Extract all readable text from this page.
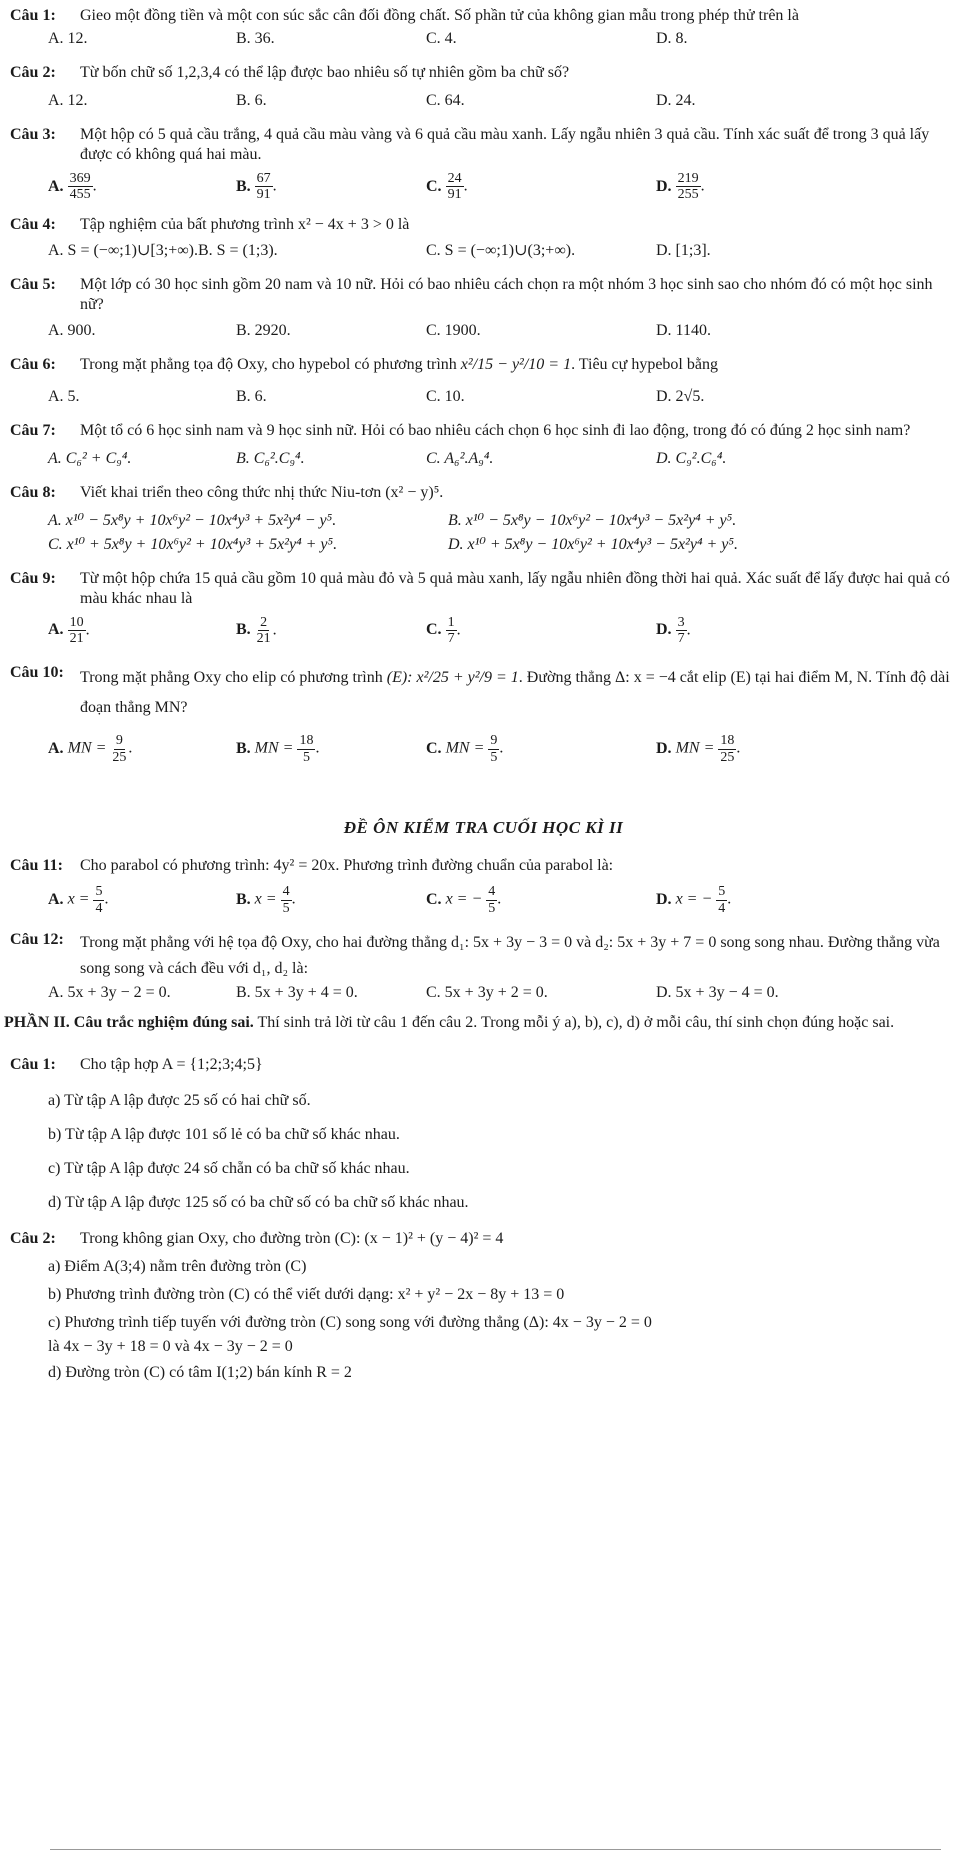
Câu 1:	Gieo một đồng tiền và một con súc sắc cân đối đồng chất. Số phần tử của không gian mẫu trong phép thử trên là
A. 12.	B. 36.	C. 4.	D. 8.
Câu 2:	Từ bốn chữ số 1,2,3,4 có thể lập được bao nhiêu số tự nhiên gồm ba chữ số?
A. 12.	B. 6.	C. 64.	D. 24.
Câu 3:	Một hộp có 5 quả cầu trắng, 4 quả cầu màu vàng và 6 quả cầu màu xanh. Lấy ngẫu nhiên 3 quả cầu. Tính xác suất để trong 3 quả lấy được có không quá hai màu.
A. $\frac{369}{455}$ .	B. $\frac{67}{91}$ .	C. $\frac{24}{91}$ .	D. $\frac{219}{255}$ .
Câu 4:	Tập nghiệm của bất phương trình x² − 4x + 3 > 0 là
A. S = (−∞;1)∪[3;+∞).B. S = (1;3).	C. S = (−∞;1)∪(3;+∞).	D. [1;3].
Câu 5:	Một lớp có 30 học sinh gồm 20 nam và 10 nữ. Hỏi có bao nhiêu cách chọn ra một nhóm 3 học sinh sao cho nhóm đó có một học sinh nữ?
A. 900.	B. 2920.	C. 1900.	D. 1140.
Câu 6:	Trong mặt phẳng tọa độ Oxy, cho hypebol có phương trình x²/15 − y²/10 = 1. Tiêu cự hypebol bằng
A. 5.	B. 6.	C. 10.	D. 2√5.
Câu 7:	Một tổ có 6 học sinh nam và 9 học sinh nữ. Hỏi có bao nhiêu cách chọn 6 học sinh đi lao động, trong đó có đúng 2 học sinh nam?
A. C₆² + C₉⁴.	B. C₆².C₉⁴.	C. A₆².A₉⁴.	D. C₉².C₆⁴.
Câu 8:	Viết khai triển theo công thức nhị thức Niu-tơn (x² − y)⁵.
A. x¹⁰ − 5x⁸y + 10x⁶y² − 10x⁴y³ + 5x²y⁴ − y⁵.	B. x¹⁰ − 5x⁸y − 10x⁶y² − 10x⁴y³ − 5x²y⁴ + y⁵.
C. x¹⁰ + 5x⁸y + 10x⁶y² + 10x⁴y³ + 5x²y⁴ + y⁵.	D. x¹⁰ + 5x⁸y − 10x⁶y² + 10x⁴y³ − 5x²y⁴ + y⁵.
Câu 9:	Từ một hộp chứa 15 quả cầu gồm 10 quả màu đỏ và 5 quả màu xanh, lấy ngẫu nhiên đồng thời hai quả. Xác suất để lấy được hai quả có màu khác nhau là
A. $\frac{10}{21}$ .	B. $\frac{2}{21}$ .	C. $\frac{1}{7}$ .	D. $\frac{3}{7}$ .
Câu 10:	Trong mặt phẳng Oxy cho elip có phương trình (E): x²/25 + y²/9 = 1. Đường thẳng Δ: x = −4 cắt elip (E) tại hai điểm M, N. Tính độ dài đoạn thẳng MN?
A. MN = $\frac{9}{25}$ .	B. MN = $\frac{18}{5}$ .	C. MN = $\frac{9}{5}$ .	D. MN = $\frac{18}{25}$ .
ĐỀ ÔN KIỂM TRA CUỐI HỌC KÌ II
Câu 11:	Cho parabol có phương trình: 4y² = 20x. Phương trình đường chuẩn của parabol là:
A. $x = \frac{5}{4}$ .	B. $x = \frac{4}{5}$ .	C. x = − $\frac{4}{5}$ .	D. x = − $\frac{5}{4}$ .
Câu 12:	Trong mặt phẳng với hệ tọa độ Oxy, cho hai đường thẳng d₁: 5x + 3y − 3 = 0 và d₂: 5x + 3y + 7 = 0 song song nhau. Đường thẳng vừa song song và cách đều với d₁, d₂ là:
A. 5x + 3y − 2 = 0.	B. 5x + 3y + 4 = 0.	C. 5x + 3y + 2 = 0.	D. 5x + 3y − 4 = 0.
PHẦN II. Câu trắc nghiệm đúng sai. Thí sinh trả lời từ câu 1 đến câu 2. Trong mỗi ý a), b), c), d) ở mỗi câu, thí sinh chọn đúng hoặc sai.
Câu 1:	Cho tập hợp A = {1;2;3;4;5}
a) Từ tập A lập được 25 số có hai chữ số.
b) Từ tập A lập được 101 số lẻ có ba chữ số khác nhau.
c) Từ tập A lập được 24 số chẵn có ba chữ số khác nhau.
d) Từ tập A lập được 125 số có ba chữ số có ba chữ số khác nhau.
Câu 2:	Trong không gian Oxy, cho đường tròn (C): (x − 1)² + (y − 4)² = 4
a) Điểm A(3;4) nằm trên đường tròn (C)
b) Phương trình đường tròn (C) có thể viết dưới dạng: x² + y² − 2x − 8y + 13 = 0
c) Phương trình tiếp tuyến với đường tròn (C) song song với đường thẳng (Δ): 4x − 3y − 2 = 0
là 4x − 3y + 18 = 0 và 4x − 3y − 2 = 0
d) Đường tròn (C) có tâm I(1;2) bán kính R = 2
